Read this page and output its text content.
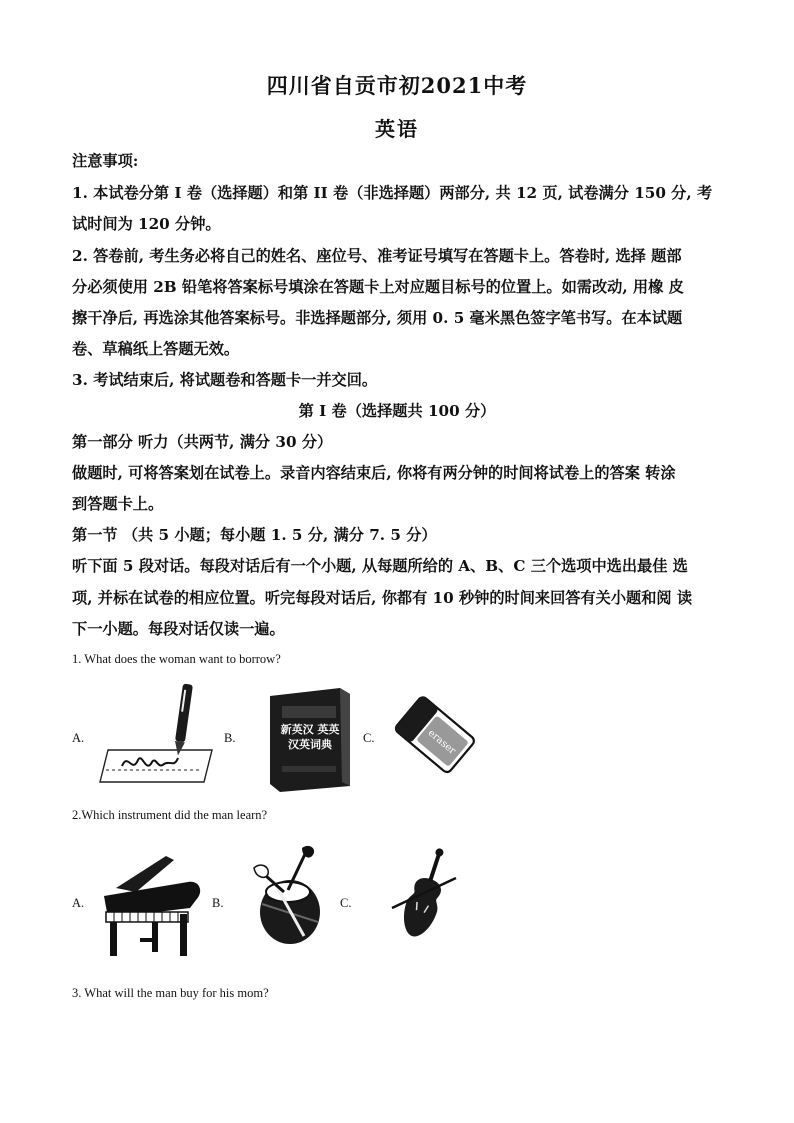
四川省自贡市初2021中考
英语
注意事项:
1. 本试卷分第 I 卷（选择题）和第 II 卷（非选择题）两部分, 共 12 页, 试卷满分 150 分, 考
试时间为 120 分钟。
2. 答卷前, 考生务必将自己的姓名、座位号、准考证号填写在答题卡上。答卷时, 选择 题部
分必须使用 2B 铅笔将答案标号填涂在答题卡上对应题目标号的位置上。如需改动, 用橡 皮
擦干净后, 再选涂其他答案标号。非选择题部分, 须用 0. 5 毫米黑色签字笔书写。在本试题
卷、草稿纸上答题无效。
3. 考试结束后, 将试题卷和答题卡一并交回。
第 I 卷（选择题共 100 分）
第一部分 听力（共两节, 满分 30 分）
做题时, 可将答案划在试卷上。录音内容结束后, 你将有两分钟的时间将试卷上的答案 转涂
到答题卡上。
第一节 （共 5 小题；每小题 1. 5 分, 满分 7. 5 分）
听下面 5 段对话。每段对话后有一个小题, 从每题所给的 A、B、C 三个选项中选出最佳 选
项, 并标在试卷的相应位置。听完每段对话后, 你都有 10 秒钟的时间来回答有关小题和阅 读
下一小题。每段对话仅读一遍。
1. What does the woman want to borrow?
A.	B.
新英汉 英英
汉英词典 C.	eraser
2.Which instrument did the man learn?
A.	B.	C.
3. What will the man buy for his mom?
